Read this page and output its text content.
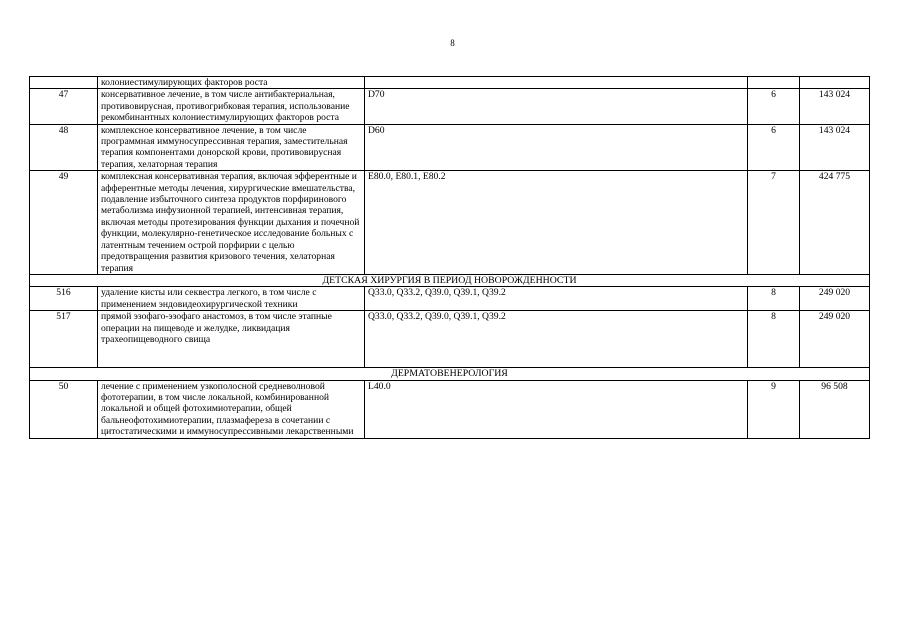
8
	колониестимулирующих факторов роста			
47	консервативное лечение, в том числе антибактериальная, противовирусная, противогрибковая терапия, использование рекомбинантных колониестимулирующих факторов роста	D70	6	143 024
48	комплексное консервативное лечение, в том числе программная иммуносупрессивная терапия, заместительная терапия компонентами донорской крови, противовирусная терапия, хелаторная терапия	D60	6	143 024
49	комплексная консервативная терапия, включая эфферентные и афферентные методы лечения, хирургические вмешательства, подавление избыточного синтеза продуктов порфиринового метаболизма инфузионной терапией, интенсивная терапия, включая методы протезирования функции дыхания и почечной функции, молекулярно-генетическое исследование больных с латентным течением острой порфирии с целью предотвращения развития кризового течения, хелаторная терапия	E80.0, E80.1, E80.2	7	424 775
ДЕТСКАЯ ХИРУРГИЯ В ПЕРИОД НОВОРОЖДЕННОСТИ				
516	удаление кисты или секвестра легкого, в том числе с применением эндовидеохирургической техники	Q33.0, Q33.2, Q39.0, Q39.1, Q39.2	8	249 020
517	прямой эзофаго-эзофаго анастомоз, в том числе этапные операции на пищеводе и желудке, ликвидация трахеопищеводного свища	Q33.0, Q33.2, Q39.0, Q39.1, Q39.2	8	249 020
ДЕРМАТОВЕНЕРОЛОГИЯ				
50	лечение с применением узкополосной средневолновой фототерапии, в том числе локальной, комбинированной локальной и общей фотохимиотерапии, общей бальнеофотохимиотерапии, плазмафереза в сочетании с цитостатическими и иммуносупрессивными лекарственными	L40.0	9	96 508
